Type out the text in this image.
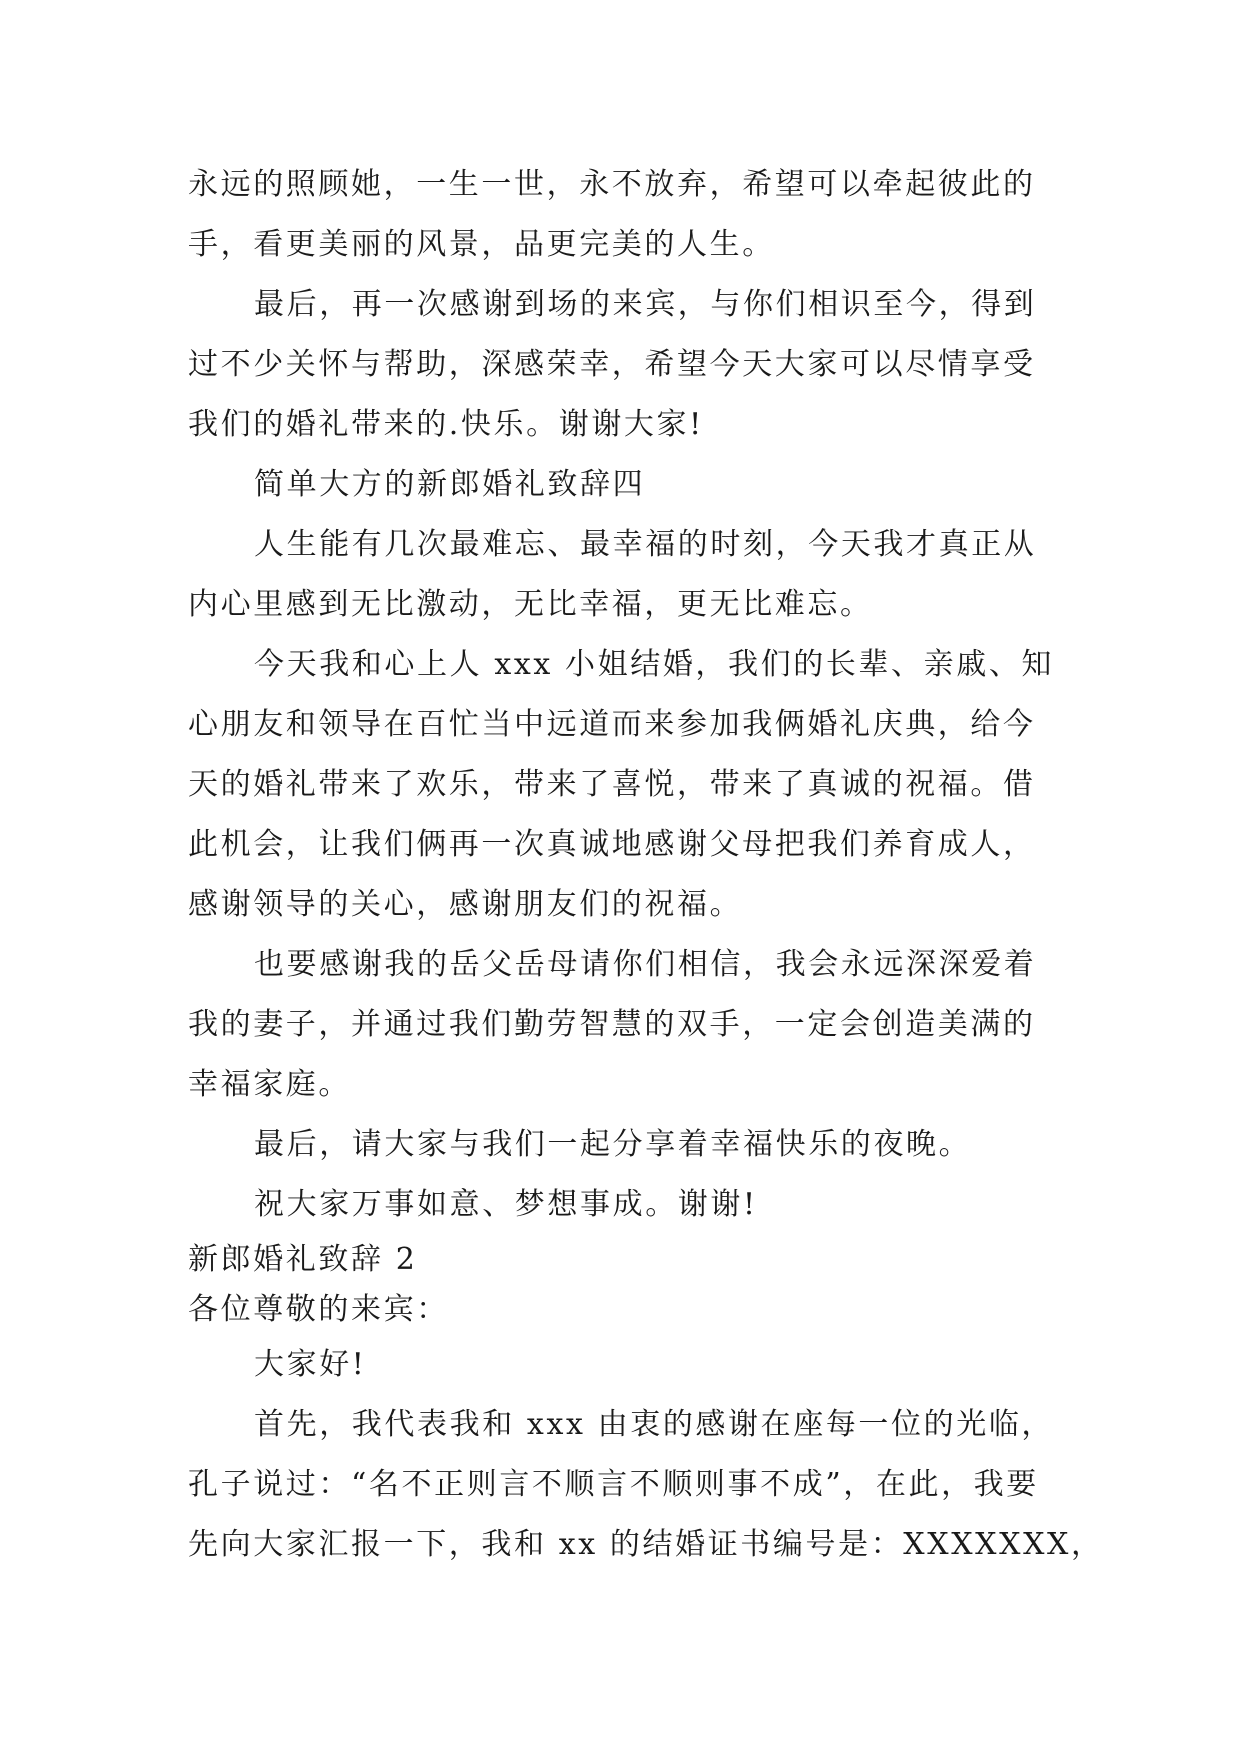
永远的照顾她，一生一世，永不放弃，希望可以牵起彼此的
手，看更美丽的风景，品更完美的人生。
最后，再一次感谢到场的来宾，与你们相识至今，得到
过不少关怀与帮助，深感荣幸，希望今天大家可以尽情享受
我们的婚礼带来的.快乐。谢谢大家!
简单大方的新郎婚礼致辞四
人生能有几次最难忘、最幸福的时刻，今天我才真正从
内心里感到无比激动，无比幸福，更无比难忘。
今天我和心上人 xxx 小姐结婚，我们的长辈、亲戚、知
心朋友和领导在百忙当中远道而来参加我俩婚礼庆典，给今
天的婚礼带来了欢乐，带来了喜悦，带来了真诚的祝福。借
此机会，让我们俩再一次真诚地感谢父母把我们养育成人，
感谢领导的关心，感谢朋友们的祝福。
也要感谢我的岳父岳母请你们相信，我会永远深深爱着
我的妻子，并通过我们勤劳智慧的双手，一定会创造美满的
幸福家庭。
最后，请大家与我们一起分享着幸福快乐的夜晚。
祝大家万事如意、梦想事成。谢谢!
新郎婚礼致辞 2
各位尊敬的来宾：
大家好!
首先，我代表我和 xxx 由衷的感谢在座每一位的光临，
孔子说过：“名不正则言不顺言不顺则事不成”，在此，我要
先向大家汇报一下，我和 xx 的结婚证书编号是：XXXXXXX，
